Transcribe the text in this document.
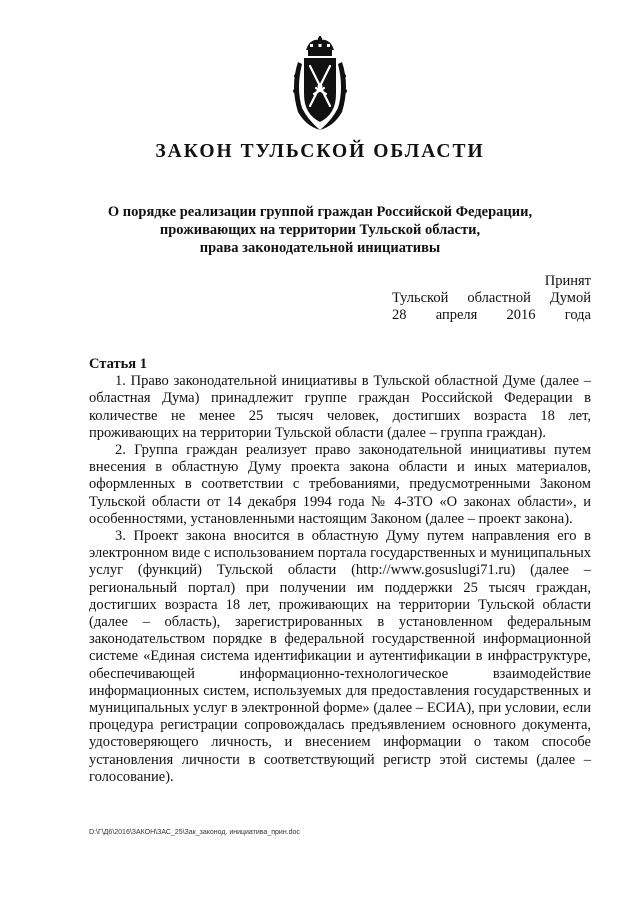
ЗАКОН ТУЛЬСКОЙ ОБЛАСТИ
О порядке реализации группой граждан Российской Федерации,
проживающих на территории Тульской области,
права законодательной инициативы
Принят
Тульской областной Думой
28 апреля 2016 года
Статья 1

1. Право законодательной инициативы в Тульской областной Думе (далее – областная Дума) принадлежит группе граждан Российской Федерации в количестве не менее 25 тысяч человек, достигших возраста 18 лет, проживающих на территории Тульской области (далее – группа граждан).

2. Группа граждан реализует право законодательной инициативы путем внесения в областную Думу проекта закона области и иных материалов, оформленных в соответствии с требованиями, предусмотренными Законом Тульской области от 14 декабря 1994 года № 4-ЗТО «О законах области», и особенностями, установленными настоящим Законом (далее – проект закона).

3. Проект закона вносится в областную Думу путем направления его в электронном виде с использованием портала государственных и муниципальных услуг (функций) Тульской области (http://www.gosuslugi71.ru) (далее – региональный портал) при получении им поддержки 25 тысяч граждан, достигших возраста 18 лет, проживающих на территории Тульской области (далее – область), зарегистрированных в установленном федеральным законодательством порядке в федеральной государственной информационной системе «Единая система идентификации и аутентификации в инфраструктуре, обеспечивающей информационно-технологическое взаимодействие информационных систем, используемых для предоставления государственных и муниципальных услуг в электронной форме» (далее – ЕСИА), при условии, если процедура регистрации сопровождалась предъявлением основного документа, удостоверяющего личность, и внесением информации о таком способе установления личности в соответствующий регистр этой системы (далее – голосование).

D:\Г\Д6\2016\ЗАКОН\ЗАС_25\Зак_законод. инициатива_прин.doc
